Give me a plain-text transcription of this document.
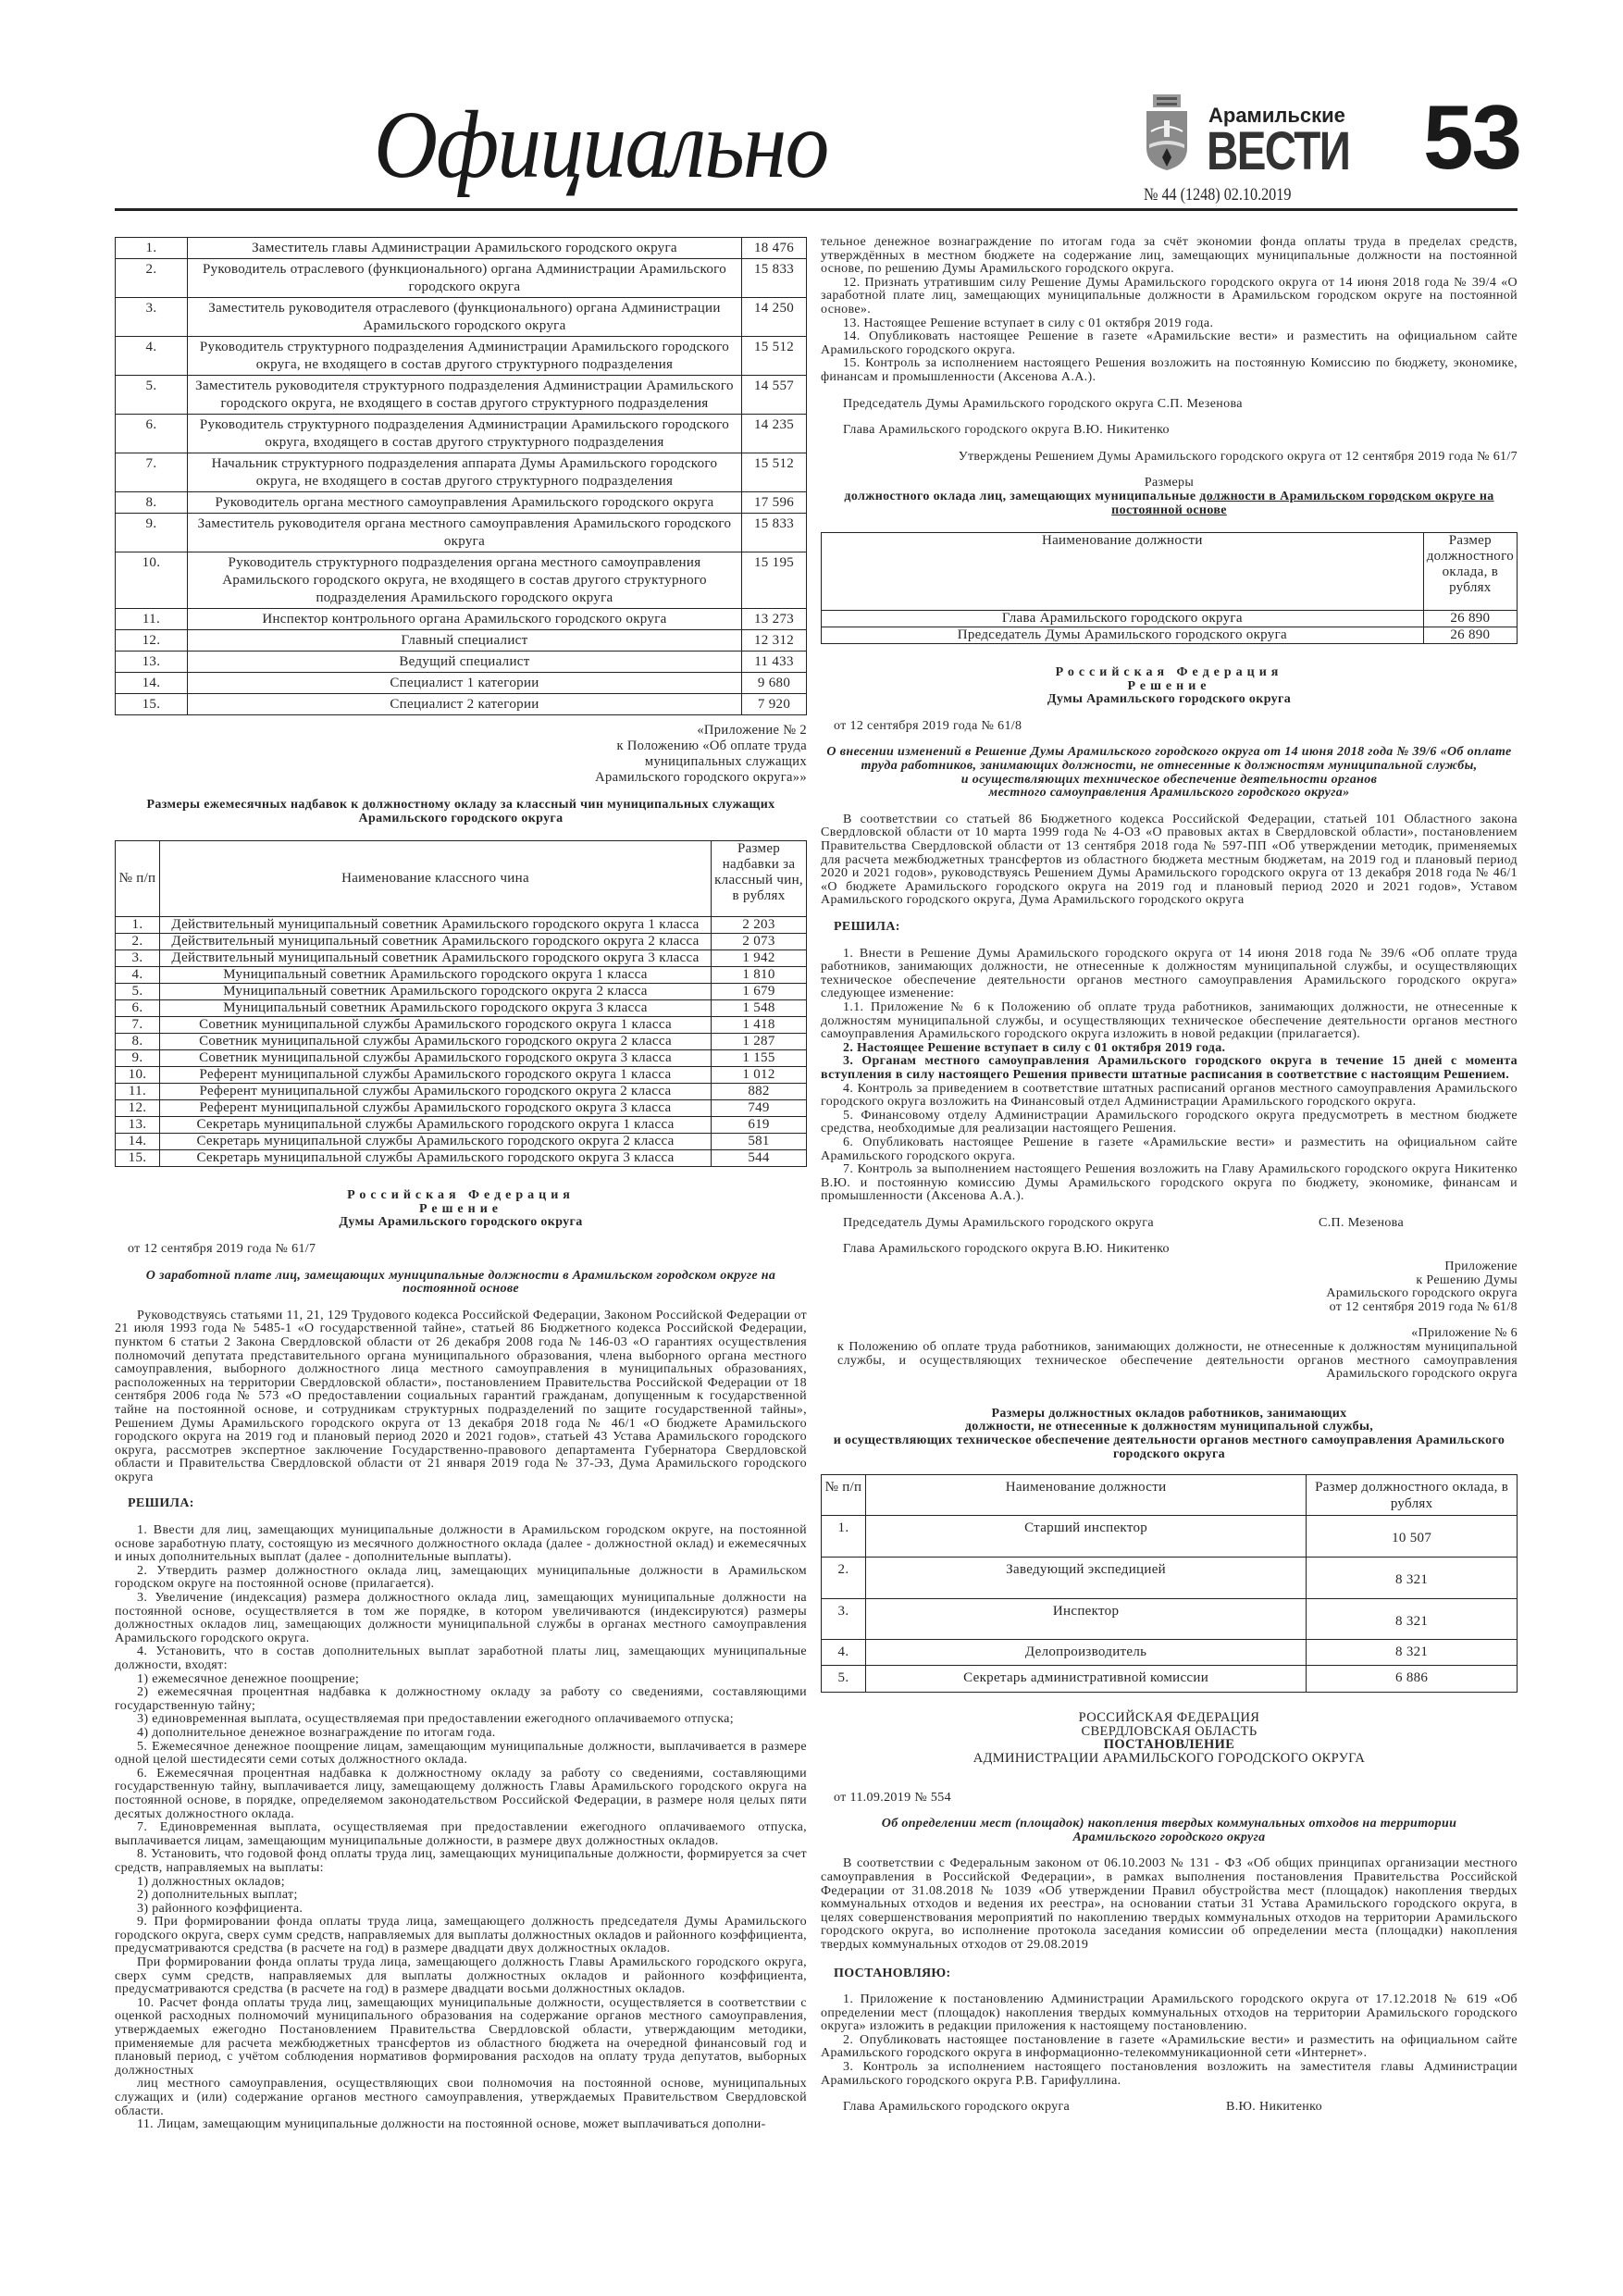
Официально	Арамильские
ВЕСТИ
№ 44 (1248) 02.10.2019
53
1.	Заместитель главы Администрации Арамильского городского округа	18 476
2.	Руководитель отраслевого (функционального) органа Администрации Арамильского городского округа	15 833
3.	Заместитель руководителя отраслевого (функционального) органа Администрации Арамильского городского округа	14 250
4.	Руководитель структурного подразделения Администрации Арамильского городского округа, не входящего в состав другого структурного подразделения	15 512
5.	Заместитель руководителя структурного подразделения Администрации Арамильского городского округа, не входящего в состав другого структурного подразделения	14 557
6.	Руководитель структурного подразделения Администрации Арамильского городского округа, входящего в состав другого структурного подразделения	14 235
7.	Начальник структурного подразделения аппарата Думы Арамильского городского округа, не входящего в состав другого структурного подразделения	15 512
8.	Руководитель органа местного самоуправления Арамильского городского округа	17 596
9.	Заместитель руководителя органа местного самоуправления Арамильского городского округа	15 833
10.	Руководитель структурного подразделения органа местного самоуправления Арамильского городского округа, не входящего в состав другого структурного подразделения Арамильского городского округа	15 195
11.	Инспектор контрольного органа Арамильского городского округа	13 273
12.	Главный специалист	12 312
13.	Ведущий специалист	11 433
14.	Специалист 1 категории	9 680
15.	Специалист 2 категории	7 920
«Приложение № 2
к Положению «Об оплате труда
муниципальных служащих
Арамильского городского округа»»
Размеры ежемесячных надбавок к должностному окладу за классный чин муниципальных служащих Арамильского городского округа
№ п/п	Наименование классного чина	Размер надбавки за классный чин, в рублях
1.	Действительный муниципальный советник Арамильского городского округа 1 класса	2 203
2.	Действительный муниципальный советник Арамильского городского округа 2 класса	2 073
3.	Действительный муниципальный советник Арамильского городского округа 3 класса	1 942
4.	Муниципальный советник Арамильского городского округа 1 класса	1 810
5.	Муниципальный советник Арамильского городского округа 2 класса	1 679
6.	Муниципальный советник Арамильского городского округа 3 класса	1 548
7.	Советник муниципальной службы Арамильского городского округа 1 класса	1 418
8.	Советник муниципальной службы Арамильского городского округа 2 класса	1 287
9.	Советник муниципальной службы Арамильского городского округа 3 класса	1 155
10.	Референт муниципальной службы Арамильского городского округа 1 класса	1 012
11.	Референт муниципальной службы Арамильского городского округа 2 класса	882
12.	Референт муниципальной службы Арамильского городского округа 3 класса	749
13.	Секретарь муниципальной службы Арамильского городского округа 1 класса	619
14.	Секретарь муниципальной службы Арамильского городского округа 2 класса	581
15.	Секретарь муниципальной службы Арамильского городского округа 3 класса	544
Российская Федерация
Решение
Думы Арамильского городского округа
от 12 сентября 2019 года № 61/7
О заработной плате лиц, замещающих муниципальные должности в Арамильском городском округе на постоянной основе

Руководствуясь статьями 11, 21, 129 Трудового кодекса Российской Федерации, Законом Российской Федерации от 21 июля 1993 года № 5485-1 «О государственной тайне», статьей 86 Бюджетного кодекса Российской Федерации, пунктом 6 статьи 2 Закона Свердловской области от 26 декабря 2008 года № 146-03 «О гарантиях осуществления полномочий депутата представительного органа муниципального образования, члена выборного органа местного самоуправления, выборного должностного лица местного самоуправления в муниципальных образованиях, расположенных на территории Свердловской области», постановлением Правительства Российской Федерации от 18 сентября 2006 года № 573 «О предоставлении социальных гарантий гражданам, допущенным к государственной тайне на постоянной основе, и сотрудникам структурных подразделений по защите государственной тайны», Решением Думы Арамильского городского округа от 13 декабря 2018 года № 46/1 «О бюджете Арамильского городского округа на 2019 год и плановый период 2020 и 2021 годов», статьей 43 Устава Арамильского городского округа, рассмотрев экспертное заключение Государственно-правового департамента Губернатора Свердловской области и Правительства Свердловской области от 21 января 2019 года № 37-ЭЗ, Дума Арамильского городского округа

РЕШИЛА:

1. Ввести для лиц, замещающих муниципальные должности в Арамильском городском округе, на постоянной основе заработную плату, состоящую из месячного должностного оклада (далее - должностной оклад) и ежемесячных и иных дополнительных выплат (далее - дополнительные выплаты).

2. Утвердить размер должностного оклада лиц, замещающих муниципальные должности в Арамильском городском округе на постоянной основе (прилагается).

3. Увеличение (индексация) размера должностного оклада лиц, замещающих муниципальные должности на постоянной основе, осуществляется в том же порядке, в котором увеличиваются (индексируются) размеры должностных окладов лиц, замещающих должности муниципальной службы в органах местного самоуправления Арамильского городского округа.

4. Установить, что в состав дополнительных выплат заработной платы лиц, замещающих муниципальные должности, входят:

1) ежемесячное денежное поощрение;

2) ежемесячная процентная надбавка к должностному окладу за работу со сведениями, составляющими государственную тайну;

3) единовременная выплата, осуществляемая при предоставлении ежегодного оплачиваемого отпуска;

4) дополнительное денежное вознаграждение по итогам года.

5. Ежемесячное денежное поощрение лицам, замещающим муниципальные должности, выплачивается в размере одной целой шестидесяти семи сотых должностного оклада.

6. Ежемесячная процентная надбавка к должностному окладу за работу со сведениями, составляющими государственную тайну, выплачивается лицу, замещающему должность Главы Арамильского городского округа на постоянной основе, в порядке, определяемом законодательством Российской Федерации, в размере ноля целых пяти десятых должностного оклада.

7. Единовременная выплата, осуществляемая при предоставлении ежегодного оплачиваемого отпуска, выплачивается лицам, замещающим муниципальные должности, в размере двух должностных окладов.

8. Установить, что годовой фонд оплаты труда лиц, замещающих муниципальные должности, формируется за счет средств, направляемых на выплаты:

1) должностных окладов;

2) дополнительных выплат;

3) районного коэффициента.

9. При формировании фонда оплаты труда лица, замещающего должность председателя Думы Арамильского городского округа, сверх сумм средств, направляемых для выплаты должностных окладов и районного коэффициента, предусматриваются средства (в расчете на год) в размере двадцати двух должностных окладов.

При формировании фонда оплаты труда лица, замещающего должность Главы Арамильского городского округа, сверх сумм средств, направляемых для выплаты должностных окладов и районного коэффициента, предусматриваются средства (в расчете на год) в размере двадцати восьми должностных окладов.

10. Расчет фонда оплаты труда лиц, замещающих муниципальные должности, осуществляется в соответствии с оценкой расходных полномочий муниципального образования на содержание органов местного самоуправления, утверждаемых ежегодно Постановлением Правительства Свердловской области, утверждающим методики, применяемые для расчета межбюджетных трансфертов из областного бюджета на очередной финансовый год и плановый период, с учётом соблюдения нормативов формирования расходов на оплату труда депутатов, выборных должностных

лиц местного самоуправления, осуществляющих свои полномочия на постоянной основе, муниципальных служащих и (или) содержание органов местного самоуправления, утверждаемых Правительством Свердловской области.

11. Лицам, замещающим муниципальные должности на постоянной основе, может выплачиваться дополни-

тельное денежное вознаграждение по итогам года за счёт экономии фонда оплаты труда в пределах средств, утверждённых в местном бюджете на содержание лиц, замещающих муниципальные должности на постоянной основе, по решению Думы Арамильского городского округа.

12. Признать утратившим силу Решение Думы Арамильского городского округа от 14 июня 2018 года № 39/4 «О заработной плате лиц, замещающих муниципальные должности в Арамильском городском округе на постоянной основе».

13. Настоящее Решение вступает в силу с 01 октября 2019 года.

14. Опубликовать настоящее Решение в газете «Арамильские вести» и разместить на официальном сайте Арамильского городского округа.

15. Контроль за исполнением настоящего Решения возложить на постоянную Комиссию по бюджету, экономике, финансам и промышленности (Аксенова А.А.).

Председатель Думы Арамильского городского округа С.П. Мезенова
Глава Арамильского городского округа В.Ю. Никитенко
Утверждены Решением Думы Арамильского городского округа от 12 сентября 2019 года № 61/7
Размеры
должностного оклада лиц, замещающих муниципальные должности в Арамильском городском округе на постоянной основе
Наименование должности	Размер должностного оклада, в рублях
Глава Арамильского городского округа	26 890
Председатель Думы Арамильского городского округа	26 890
Российская Федерация
Решение
Думы Арамильского городского округа
от 12 сентября 2019 года № 61/8
О внесении изменений в Решение Думы Арамильского городского округа от 14 июня 2018 года № 39/6 «Об оплате труда работников, занимающих должности, не отнесенные к должностям муниципальной службы,
и осуществляющих техническое обеспечение деятельности органов
местного самоуправления Арамильского городского округа»

В соответствии со статьей 86 Бюджетного кодекса Российской Федерации, статьей 101 Областного закона Свердловской области от 10 марта 1999 года № 4-ОЗ «О правовых актах в Свердловской области», постановлением Правительства Свердловской области от 13 сентября 2018 года № 597-ПП «Об утверждении методик, применяемых для расчета межбюджетных трансфертов из областного бюджета местным бюджетам, на 2019 год и плановый период 2020 и 2021 годов», руководствуясь Решением Думы Арамильского городского округа от 13 декабря 2018 года № 46/1 «О бюджете Арамильского городского округа на 2019 год и плановый период 2020 и 2021 годов», Уставом Арамильского городского округа, Дума Арамильского городского округа

РЕШИЛА:

1. Внести в Решение Думы Арамильского городского округа от 14 июня 2018 года № 39/6 «Об оплате труда работников, занимающих должности, не отнесенные к должностям муниципальной службы, и осуществляющих техническое обеспечение деятельности органов местного самоуправления Арамильского городского округа» следующее изменение:

1.1. Приложение № 6 к Положению об оплате труда работников, занимающих должности, не отнесенные к должностям муниципальной службы, и осуществляющих техническое обеспечение деятельности органов местного самоуправления Арамильского городского округа изложить в новой редакции (прилагается).

2. Настоящее Решение вступает в силу с 01 октября 2019 года.

3. Органам местного самоуправления Арамильского городского округа в течение 15 дней с момента вступления в силу настоящего Решения привести штатные расписания в соответствие с настоящим Решением.

4. Контроль за приведением в соответствие штатных расписаний органов местного самоуправления Арамильского городского округа возложить на Финансовый отдел Администрации Арамильского городского округа.

5. Финансовому отделу Администрации Арамильского городского округа предусмотреть в местном бюджете средства, необходимые для реализации настоящего Решения.

6. Опубликовать настоящее Решение в газете «Арамильские вести» и разместить на официальном сайте Арамильского городского округа.

7. Контроль за выполнением настоящего Решения возложить на Главу Арамильского городского округа Никитенко В.Ю. и постоянную комиссию Думы Арамильского городского округа по бюджету, экономике, финансам и промышленности (Аксенова А.А.).

Председатель Думы Арамильского городского округа	С.П. Мезенова
Глава Арамильского городского округа В.Ю. Никитенко
Приложение
к Решению Думы
Арамильского городского округа
от 12 сентября 2019 года № 61/8
«Приложение № 6
к Положению об оплате труда работников, занимающих должности, не отнесенные к должностям муниципальной службы, и осуществляющих техническое обеспечение деятельности органов местного самоуправления Арамильского городского округа
Размеры должностных окладов работников, занимающих
должности, не отнесенные к должностям муниципальной службы,
и осуществляющих техническое обеспечение деятельности органов местного самоуправления Арамильского городского округа
№ п/п	Наименование должности	Размер должностного оклада, в рублях
1.	Старший инспектор	10 507
2.	Заведующий экспедицией	8 321
3.	Инспектор	8 321
4.	Делопроизводитель	8 321
5.	Секретарь административной комиссии	6 886
РОССИЙСКАЯ ФЕДЕРАЦИЯ
СВЕРДЛОВСКАЯ ОБЛАСТЬ
ПОСТАНОВЛЕНИЕ
АДМИНИСТРАЦИИ АРАМИЛЬСКОГО ГОРОДСКОГО ОКРУГА
от 11.09.2019 № 554
Об определении мест (площадок) накопления твердых коммунальных отходов на территории Арамильского городского округа

В соответствии с Федеральным законом от 06.10.2003 № 131 - ФЗ «Об общих принципах организации местного самоуправления в Российской Федерации», в рамках выполнения постановления Правительства Российской Федерации от 31.08.2018 № 1039 «Об утверждении Правил обустройства мест (площадок) накопления твердых коммунальных отходов и ведения их реестра», на основании статьи 31 Устава Арамильского городского округа, в целях совершенствования мероприятий по накоплению твердых коммунальных отходов на территории Арамильского городского округа, во исполнение протокола заседания комиссии об определении места (площадки) накопления твердых коммунальных отходов от 29.08.2019

ПОСТАНОВЛЯЮ:

1. Приложение к постановлению Администрации Арамильского городского округа от 17.12.2018 № 619 «Об определении мест (площадок) накопления твердых коммунальных отходов на территории Арамильского городского округа» изложить в редакции приложения к настоящему постановлению.

2. Опубликовать настоящее постановление в газете «Арамильские вести» и разместить на официальном сайте Арамильского городского округа в информационно-телекоммуникационной сети «Интернет».

3. Контроль за исполнением настоящего постановления возложить на заместителя главы Администрации Арамильского городского округа Р.В. Гарифуллина.

Глава Арамильского городского округа	В.Ю. Никитенко
